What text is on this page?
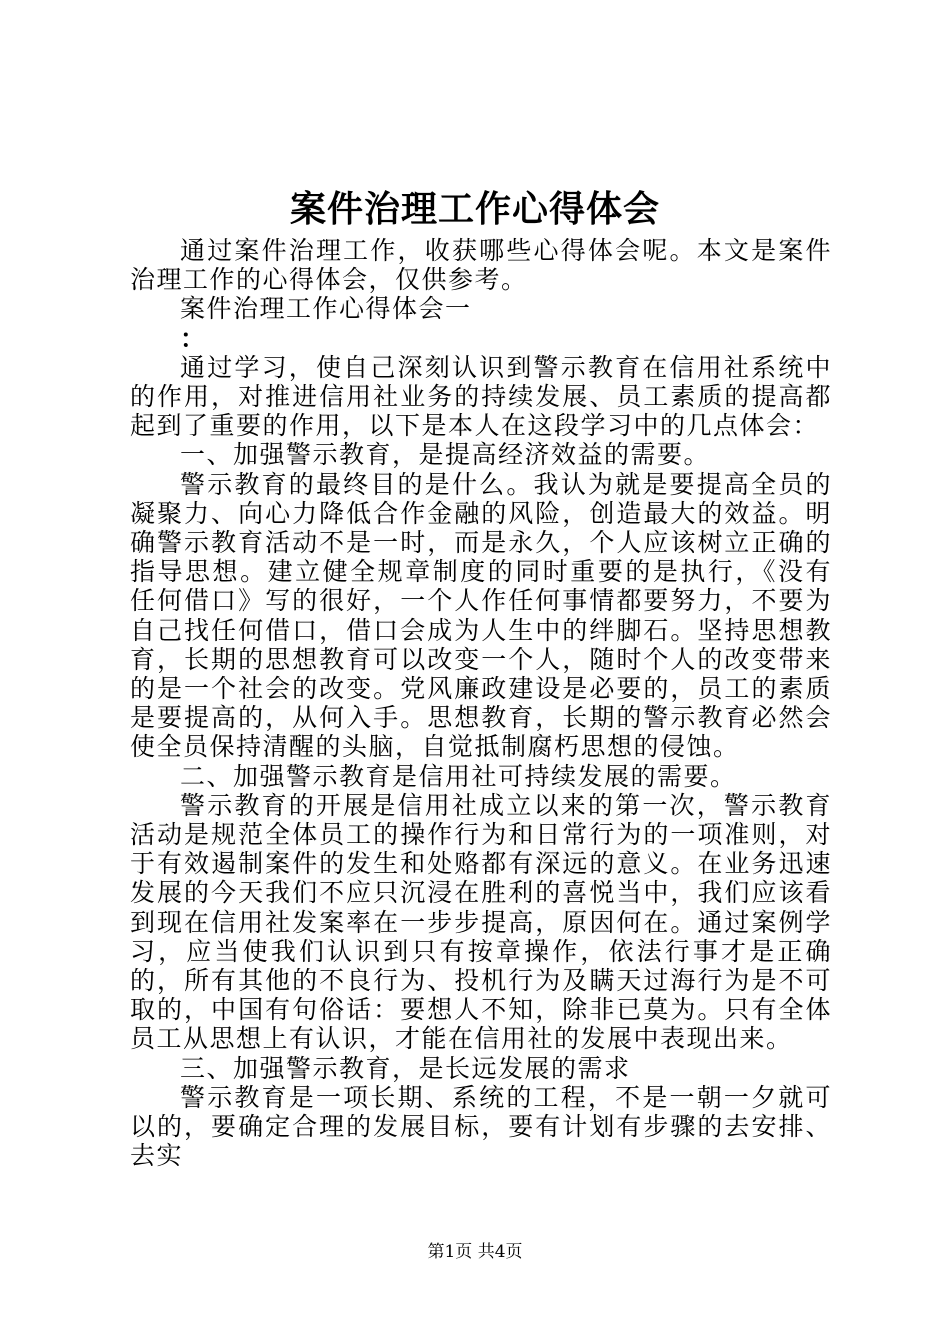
案件治理工作心得体会

通过案件治理工作，收获哪些心得体会呢。本文是案件治理工作的心得体会，仅供参考。

案件治理工作心得体会一

：

通过学习，使自己深刻认识到警示教育在信用社系统中的作用，对推进信用社业务的持续发展、员工素质的提高都起到了重要的作用，以下是本人在这段学习中的几点体会：

一、加强警示教育，是提高经济效益的需要。

警示教育的最终目的是什么。我认为就是要提高全员的凝聚力、向心力降低合作金融的风险，创造最大的效益。明确警示教育活动不是一时，而是永久，个人应该树立正确的指导思想。建立健全规章制度的同时重要的是执行，《没有任何借口》写的很好，一个人作任何事情都要努力，不要为自己找任何借口，借口会成为人生中的绊脚石。坚持思想教育，长期的思想教育可以改变一个人，随时个人的改变带来的是一个社会的改变。党风廉政建设是必要的，员工的素质是要提高的，从何入手。思想教育，长期的警示教育必然会使全员保持清醒的头脑，自觉抵制腐朽思想的侵蚀。

二、加强警示教育是信用社可持续发展的需要。

警示教育的开展是信用社成立以来的第一次，警示教育活动是规范全体员工的操作行为和日常行为的一项准则，对于有效遏制案件的发生和处赂都有深远的意义。在业务迅速发展的今天我们不应只沉浸在胜利的喜悦当中，我们应该看到现在信用社发案率在一步步提高，原因何在。通过案例学习，应当使我们认识到只有按章操作，依法行事才是正确的，所有其他的不良行为、投机行为及瞒天过海行为是不可取的，中国有句俗话：要想人不知，除非已莫为。只有全体员工从思想上有认识，才能在信用社的发展中表现出来。

三、加强警示教育，是长远发展的需求

警示教育是一项长期、系统的工程，不是一朝一夕就可以的，要确定合理的发展目标，要有计划有步骤的去安排、去实

第1页 共4页
